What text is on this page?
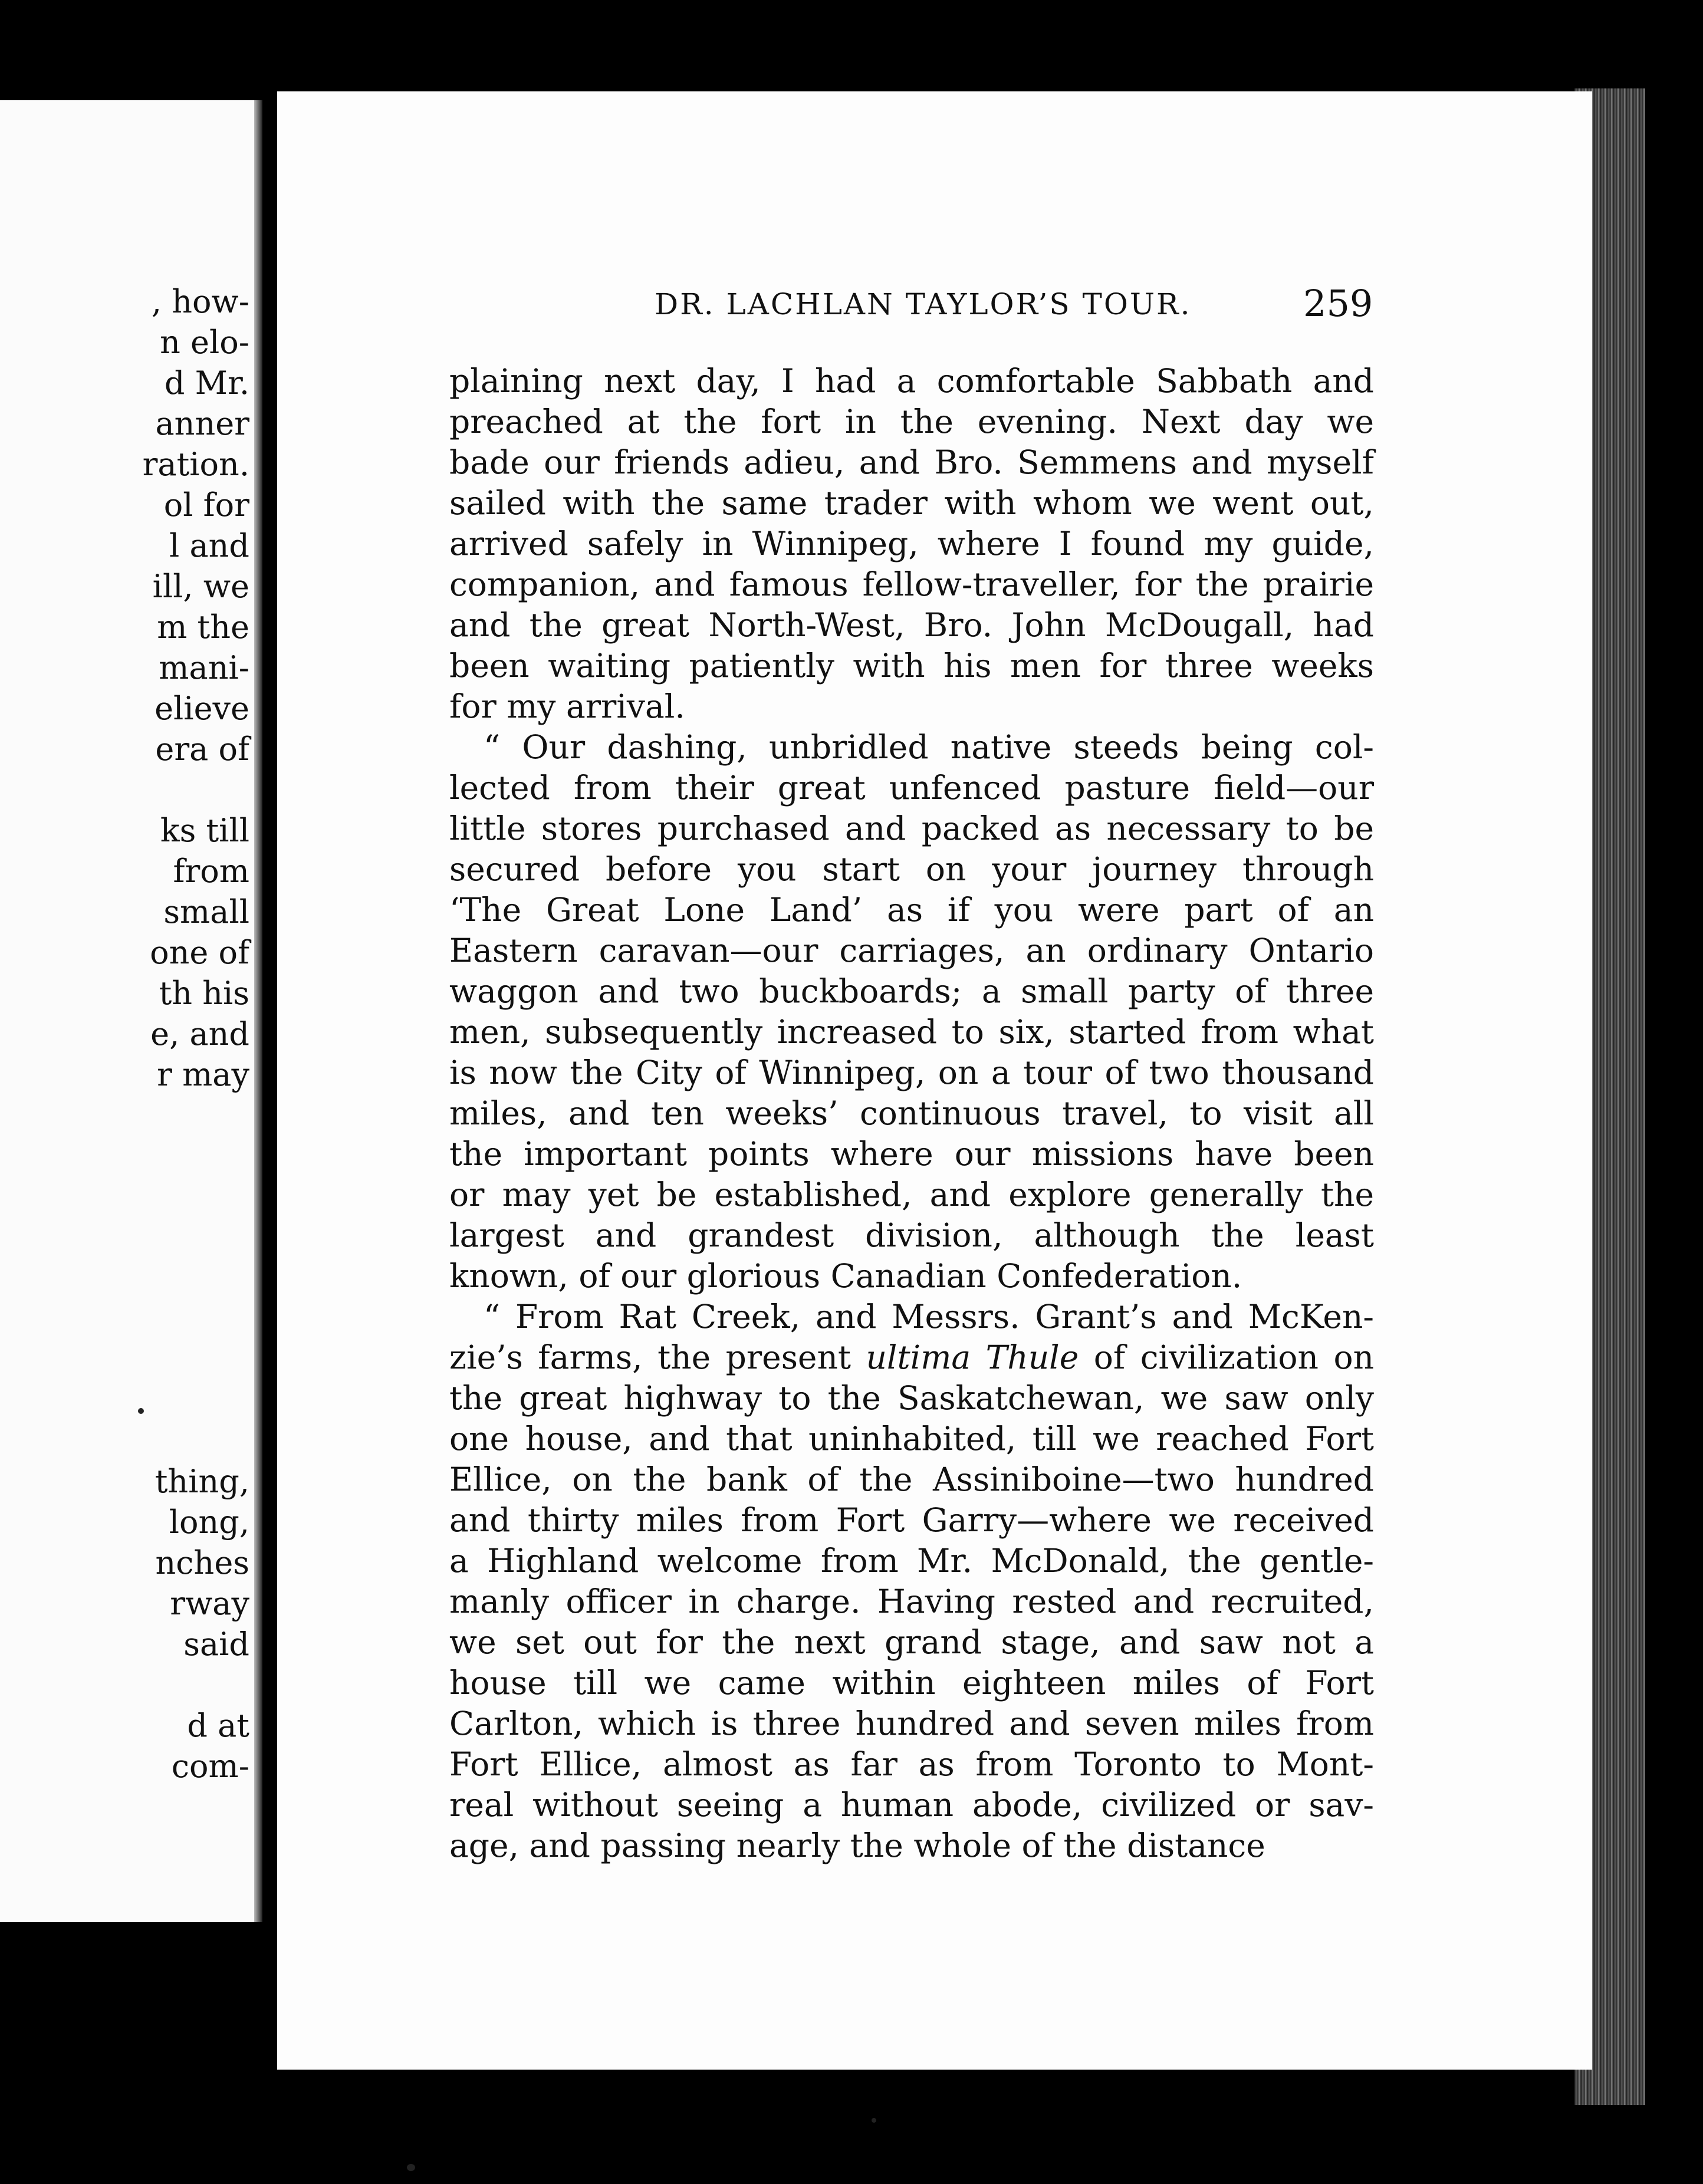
, how-
n elo-
d Mr.
anner
ration.
ol for
l and
ill, we
m the
mani-
elieve
era of
ks till
from
small
one of
th his
e, and
r may
thing,
long,
nches
rway
said
d at
com-
DR. LACHLAN TAYLOR’S TOUR.	259
plaining next day, I had a comfortable Sabbath and
preached at the fort in the evening. Next day we
bade our friends adieu, and Bro. Semmens and myself
sailed with the same trader with whom we went out,
arrived safely in Winnipeg, where I found my guide,
companion, and famous fellow-traveller, for the prairie
and the great North-West, Bro. John McDougall, had
been waiting patiently with his men for three weeks
for my arrival.
“ Our dashing, unbridled native steeds being col-
lected from their great unfenced pasture field—our
little stores purchased and packed as necessary to be
secured before you start on your journey through
‘The Great Lone Land’ as if you were part of an
Eastern caravan—our carriages, an ordinary Ontario
waggon and two buckboards; a small party of three
men, subsequently increased to six, started from what
is now the City of Winnipeg, on a tour of two thousand
miles, and ten weeks’ continuous travel, to visit all
the important points where our missions have been
or may yet be established, and explore generally the
largest and grandest division, although the least
known, of our glorious Canadian Confederation.
“ From Rat Creek, and Messrs. Grant’s and McKen-
zie’s farms, the present ultima Thule of civilization on
the great highway to the Saskatchewan, we saw only
one house, and that uninhabited, till we reached Fort
Ellice, on the bank of the Assiniboine—two hundred
and thirty miles from Fort Garry—where we received
a Highland welcome from Mr. McDonald, the gentle-
manly officer in charge. Having rested and recruited,
we set out for the next grand stage, and saw not a
house till we came within eighteen miles of Fort
Carlton, which is three hundred and seven miles from
Fort Ellice, almost as far as from Toronto to Mont-
real without seeing a human abode, civilized or sav-
age, and passing nearly the whole of the distance
